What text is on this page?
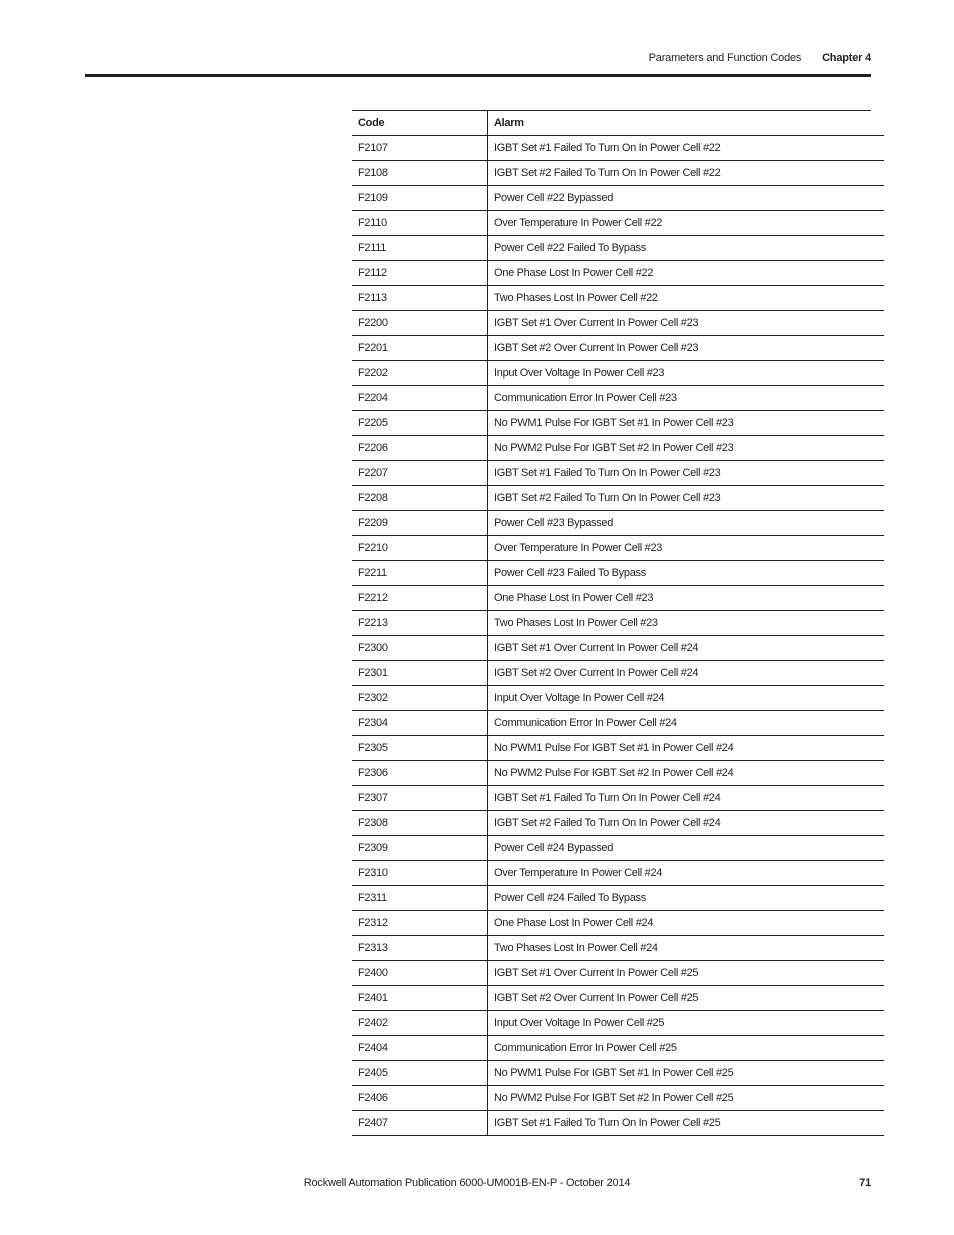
Parameters and Function Codes Chapter 4
Code	Alarm
F2107	IGBT Set #1 Failed To Turn On In Power Cell #22
F2108	IGBT Set #2 Failed To Turn On In Power Cell #22
F2109	Power Cell #22 Bypassed
F2110	Over Temperature In Power Cell #22
F2111	Power Cell #22 Failed To Bypass
F2112	One Phase Lost In Power Cell #22
F2113	Two Phases Lost In Power Cell #22
F2200	IGBT Set #1 Over Current In Power Cell #23
F2201	IGBT Set #2 Over Current In Power Cell #23
F2202	Input Over Voltage In Power Cell #23
F2204	Communication Error In Power Cell #23
F2205	No PWM1 Pulse For IGBT Set #1 In Power Cell #23
F2206	No PWM2 Pulse For IGBT Set #2 In Power Cell #23
F2207	IGBT Set #1 Failed To Turn On In Power Cell #23
F2208	IGBT Set #2 Failed To Turn On In Power Cell #23
F2209	Power Cell #23 Bypassed
F2210	Over Temperature In Power Cell #23
F2211	Power Cell #23 Failed To Bypass
F2212	One Phase Lost In Power Cell #23
F2213	Two Phases Lost In Power Cell #23
F2300	IGBT Set #1 Over Current In Power Cell #24
F2301	IGBT Set #2 Over Current In Power Cell #24
F2302	Input Over Voltage In Power Cell #24
F2304	Communication Error In Power Cell #24
F2305	No PWM1 Pulse For IGBT Set #1 In Power Cell #24
F2306	No PWM2 Pulse For IGBT Set #2 In Power Cell #24
F2307	IGBT Set #1 Failed To Turn On In Power Cell #24
F2308	IGBT Set #2 Failed To Turn On In Power Cell #24
F2309	Power Cell #24 Bypassed
F2310	Over Temperature In Power Cell #24
F2311	Power Cell #24 Failed To Bypass
F2312	One Phase Lost In Power Cell #24
F2313	Two Phases Lost In Power Cell #24
F2400	IGBT Set #1 Over Current In Power Cell #25
F2401	IGBT Set #2 Over Current In Power Cell #25
F2402	Input Over Voltage In Power Cell #25
F2404	Communication Error In Power Cell #25
F2405	No PWM1 Pulse For IGBT Set #1 In Power Cell #25
F2406	No PWM2 Pulse For IGBT Set #2 In Power Cell #25
F2407	IGBT Set #1 Failed To Turn On In Power Cell #25
Rockwell Automation Publication 6000-UM001B-EN-P - October 2014	71
